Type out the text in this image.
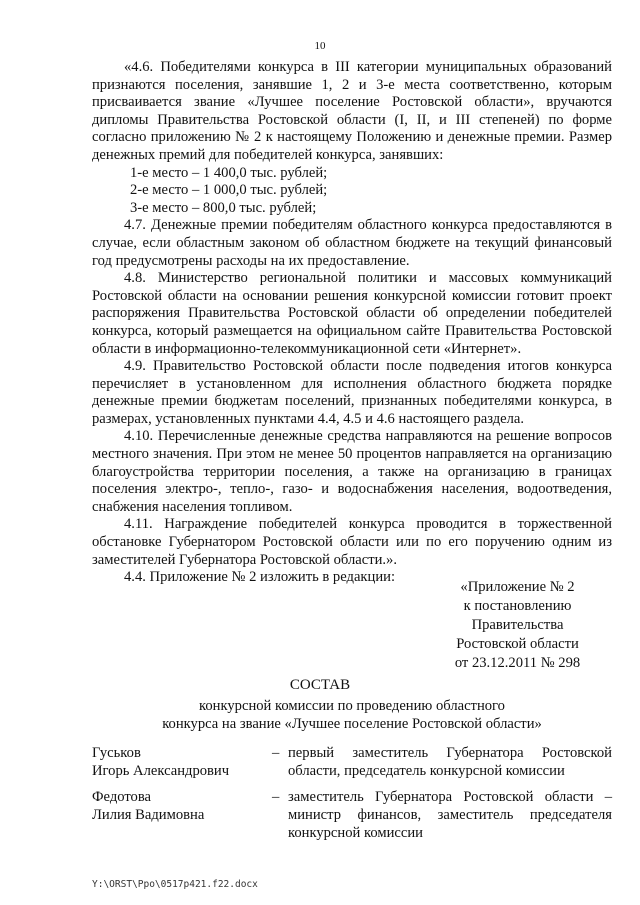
10

«4.6. Победителями конкурса в III категории муниципальных образований признаются поселения, занявшие 1, 2 и 3-е места соответственно, которым присваивается звание «Лучшее поселение Ростовской области», вручаются дипломы Правительства Ростовской области (I, II, и III степеней) по форме согласно приложению № 2 к настоящему Положению и денежные премии. Размер денежных премий для победителей конкурса, занявших:

1-е место – 1 400,0 тыс. рублей;

2-е место – 1 000,0 тыс. рублей;

3-е место – 800,0 тыс. рублей;

4.7. Денежные премии победителям областного конкурса предоставляются в случае, если областным законом об областном бюджете на текущий финансовый год предусмотрены расходы на их предоставление.

4.8. Министерство региональной политики и массовых коммуникаций Ростовской области на основании решения конкурсной комиссии готовит проект распоряжения Правительства Ростовской области об определении победителей конкурса, который размещается на официальном сайте Правительства Ростовской области в информационно-телекоммуникационной сети «Интернет».

4.9. Правительство Ростовской области после подведения итогов конкурса перечисляет в установленном для исполнения областного бюджета порядке денежные премии бюджетам поселений, признанных победителями конкурса, в размерах, установленных пунктами 4.4, 4.5 и 4.6 настоящего раздела.

4.10. Перечисленные денежные средства направляются на решение вопросов местного значения. При этом не менее 50 процентов направляется на организацию благоустройства территории поселения, а также на организацию в границах поселения электро-, тепло-, газо- и водоснабжения населения, водоотведения, снабжения населения топливом.

4.11. Награждение победителей конкурса проводится в торжественной обстановке Губернатором Ростовской области или по его поручению одним из заместителей Губернатора Ростовской области.».

4.4. Приложение № 2 изложить в редакции:

«Приложение № 2
к постановлению
Правительства
Ростовской области
от 23.12.2011 № 298
СОСТАВ
конкурсной комиссии по проведению областного
конкурса на звание «Лучшее поселение Ростовской области»
Гуськов
Игорь Александрович
– первый заместитель Губернатора Ростовской области, председатель конкурсной комиссии
Федотова
Лилия Вадимовна
– заместитель Губернатора Ростовской области – министр финансов, заместитель председателя конкурсной комиссии
Y:\ORST\Ppo\0517p421.f22.docx
